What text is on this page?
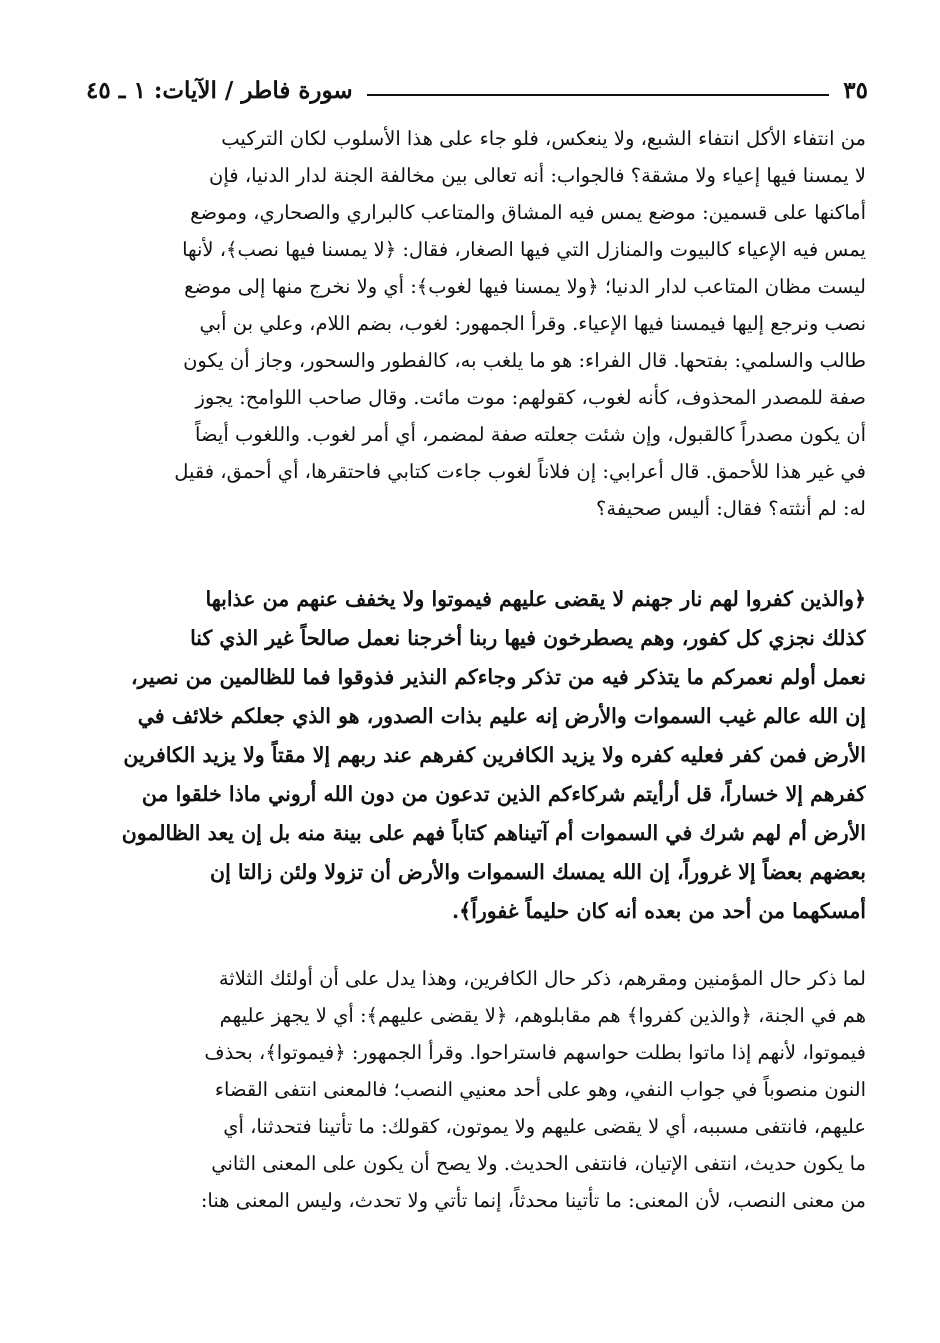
سورة فاطر / الآيات: ١ ـ ٤٥	٣٥
من انتفاء الأكل انتفاء الشبع، ولا ينعكس، فلو جاء على هذا الأسلوب لكان التركيب
لا يمسنا فيها إعياء ولا مشقة؟ فالجواب: أنه تعالى بين مخالفة الجنة لدار الدنيا، فإن
أماكنها على قسمين: موضع يمس فيه المشاق والمتاعب كالبراري والصحاري، وموضع
يمس فيه الإعياء كالبيوت والمنازل التي فيها الصغار، فقال: ﴿لا يمسنا فيها نصب﴾، لأنها
ليست مظان المتاعب لدار الدنيا؛ ﴿ولا يمسنا فيها لغوب﴾: أي ولا نخرج منها إلى موضع
نصب ونرجع إليها فيمسنا فيها الإعياء. وقرأ الجمهور: لغوب، بضم اللام، وعلي بن أبي
طالب والسلمي: بفتحها. قال الفراء: هو ما يلغب به، كالفطور والسحور، وجاز أن يكون
صفة للمصدر المحذوف، كأنه لغوب، كقولهم: موت مائت. وقال صاحب اللوامح: يجوز
أن يكون مصدراً كالقبول، وإن شئت جعلته صفة لمضمر، أي أمر لغوب. واللغوب أيضاً
في غير هذا للأحمق. قال أعرابي: إن فلاناً لغوب جاءت كتابي فاحتقرها، أي أحمق، فقيل
له: لم أنثته؟ فقال: أليس صحيفة؟
﴿والذين كفروا لهم نار جهنم لا يقضى عليهم فيموتوا ولا يخفف عنهم من عذابها
كذلك نجزي كل كفور، وهم يصطرخون فيها ربنا أخرجنا نعمل صالحاً غير الذي كنا
نعمل أولم نعمركم ما يتذكر فيه من تذكر وجاءكم النذير فذوقوا فما للظالمين من نصير،
إن الله عالم غيب السموات والأرض إنه عليم بذات الصدور، هو الذي جعلكم خلائف في
الأرض فمن كفر فعليه كفره ولا يزيد الكافرين كفرهم عند ربهم إلا مقتاً ولا يزيد الكافرين
كفرهم إلا خساراً، قل أرأيتم شركاءكم الذين تدعون من دون الله أروني ماذا خلقوا من
الأرض أم لهم شرك في السموات أم آتيناهم كتاباً فهم على بينة منه بل إن يعد الظالمون
بعضهم بعضاً إلا غروراً، إن الله يمسك السموات والأرض أن تزولا ولئن زالتا إن
أمسكهما من أحد من بعده أنه كان حليماً غفوراً﴾.
لما ذكر حال المؤمنين ومقرهم، ذكر حال الكافرين، وهذا يدل على أن أولئك الثلاثة
هم في الجنة، ﴿والذين كفروا﴾ هم مقابلوهم، ﴿لا يقضى عليهم﴾: أي لا يجهز عليهم
فيموتوا، لأنهم إذا ماتوا بطلت حواسهم فاستراحوا. وقرأ الجمهور: ﴿فيموتوا﴾، بحذف
النون منصوباً في جواب النفي، وهو على أحد معنيي النصب؛ فالمعنى انتفى القضاء
عليهم، فانتفى مسببه، أي لا يقضى عليهم ولا يموتون، كقولك: ما تأتينا فتحدثنا، أي
ما يكون حديث، انتفى الإتيان، فانتفى الحديث. ولا يصح أن يكون على المعنى الثاني
من معنى النصب، لأن المعنى: ما تأتينا محدثاً، إنما تأتي ولا تحدث، وليس المعنى هنا:
